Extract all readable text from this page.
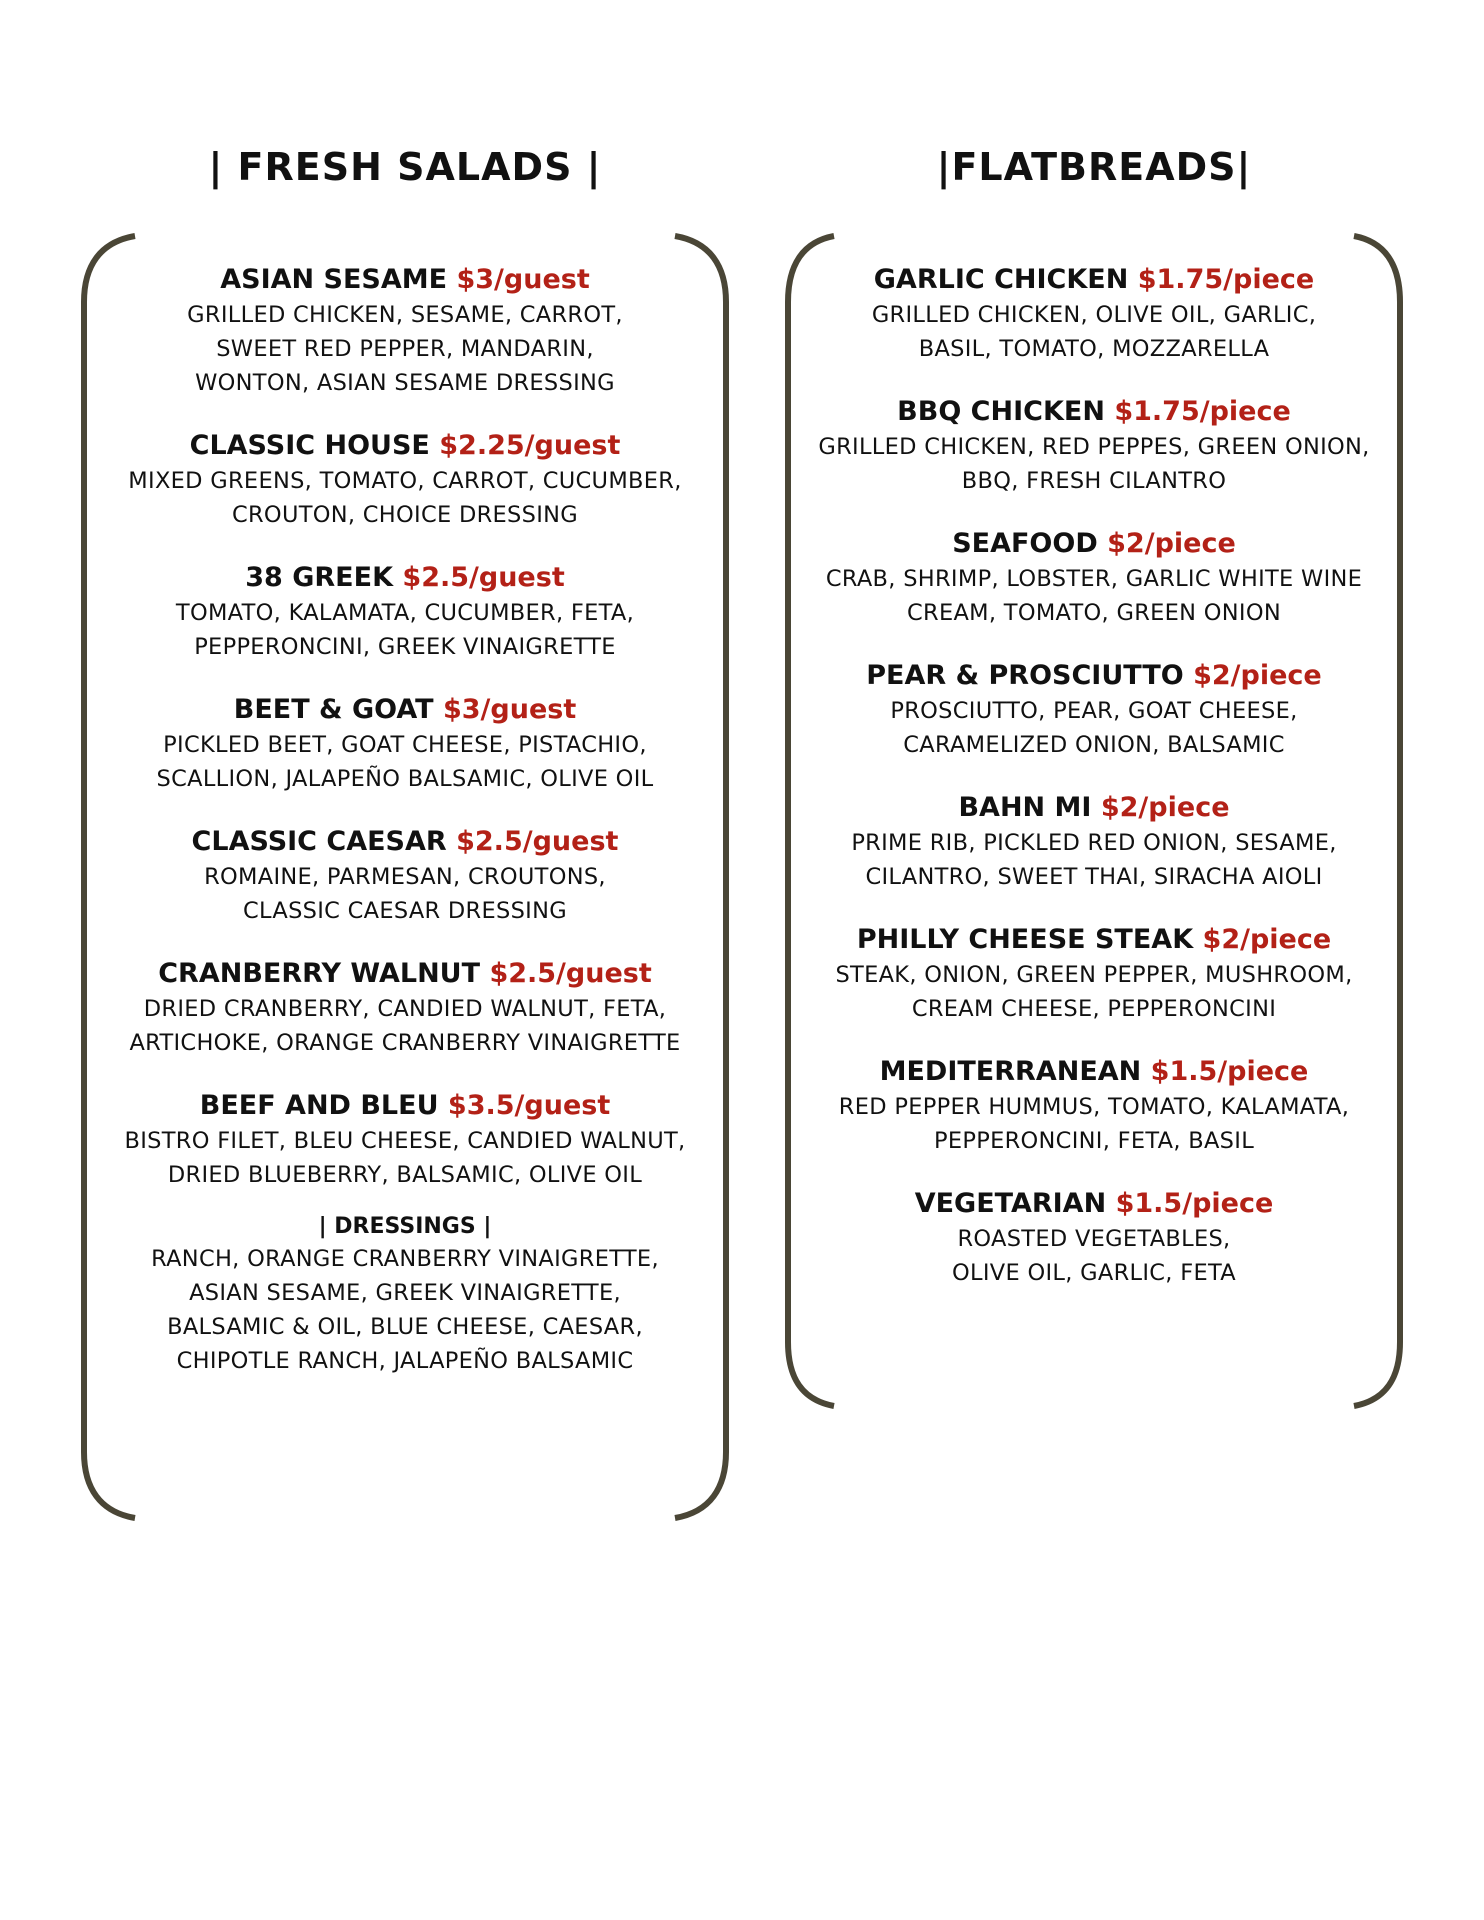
| FRESH SALADS |
ASIAN SESAME $3/guest
GRILLED CHICKEN, SESAME, CARROT,
SWEET RED PEPPER, MANDARIN,
WONTON, ASIAN SESAME DRESSING
CLASSIC HOUSE $2.25/guest
MIXED GREENS, TOMATO, CARROT, CUCUMBER,
CROUTON, CHOICE DRESSING
38 GREEK $2.5/guest
TOMATO, KALAMATA, CUCUMBER, FETA,
PEPPERONCINI, GREEK VINAIGRETTE
BEET & GOAT $3/guest
PICKLED BEET, GOAT CHEESE, PISTACHIO,
SCALLION, JALAPEÑO BALSAMIC, OLIVE OIL
CLASSIC CAESAR $2.5/guest
ROMAINE, PARMESAN, CROUTONS,
CLASSIC CAESAR DRESSING
CRANBERRY WALNUT $2.5/guest
DRIED CRANBERRY, CANDIED WALNUT, FETA,
ARTICHOKE, ORANGE CRANBERRY VINAIGRETTE
BEEF AND BLEU $3.5/guest
BISTRO FILET, BLEU CHEESE, CANDIED WALNUT,
DRIED BLUEBERRY, BALSAMIC, OLIVE OIL
| DRESSINGS |
RANCH, ORANGE CRANBERRY VINAIGRETTE,
ASIAN SESAME, GREEK VINAIGRETTE,
BALSAMIC & OIL, BLUE CHEESE, CAESAR,
CHIPOTLE RANCH, JALAPEÑO BALSAMIC
|FLATBREADS|
GARLIC CHICKEN $1.75/piece
GRILLED CHICKEN, OLIVE OIL, GARLIC,
BASIL, TOMATO, MOZZARELLA
BBQ CHICKEN $1.75/piece
GRILLED CHICKEN, RED PEPPES, GREEN ONION,
BBQ, FRESH CILANTRO
SEAFOOD $2/piece
CRAB, SHRIMP, LOBSTER, GARLIC WHITE WINE
CREAM, TOMATO, GREEN ONION
PEAR & PROSCIUTTO $2/piece
PROSCIUTTO, PEAR, GOAT CHEESE,
CARAMELIZED ONION, BALSAMIC
BAHN MI $2/piece
PRIME RIB, PICKLED RED ONION, SESAME,
CILANTRO, SWEET THAI, SIRACHA AIOLI
PHILLY CHEESE STEAK $2/piece
STEAK, ONION, GREEN PEPPER, MUSHROOM,
CREAM CHEESE, PEPPERONCINI
MEDITERRANEAN $1.5/piece
RED PEPPER HUMMUS, TOMATO, KALAMATA,
PEPPERONCINI, FETA, BASIL
VEGETARIAN $1.5/piece
ROASTED VEGETABLES,
OLIVE OIL, GARLIC, FETA
